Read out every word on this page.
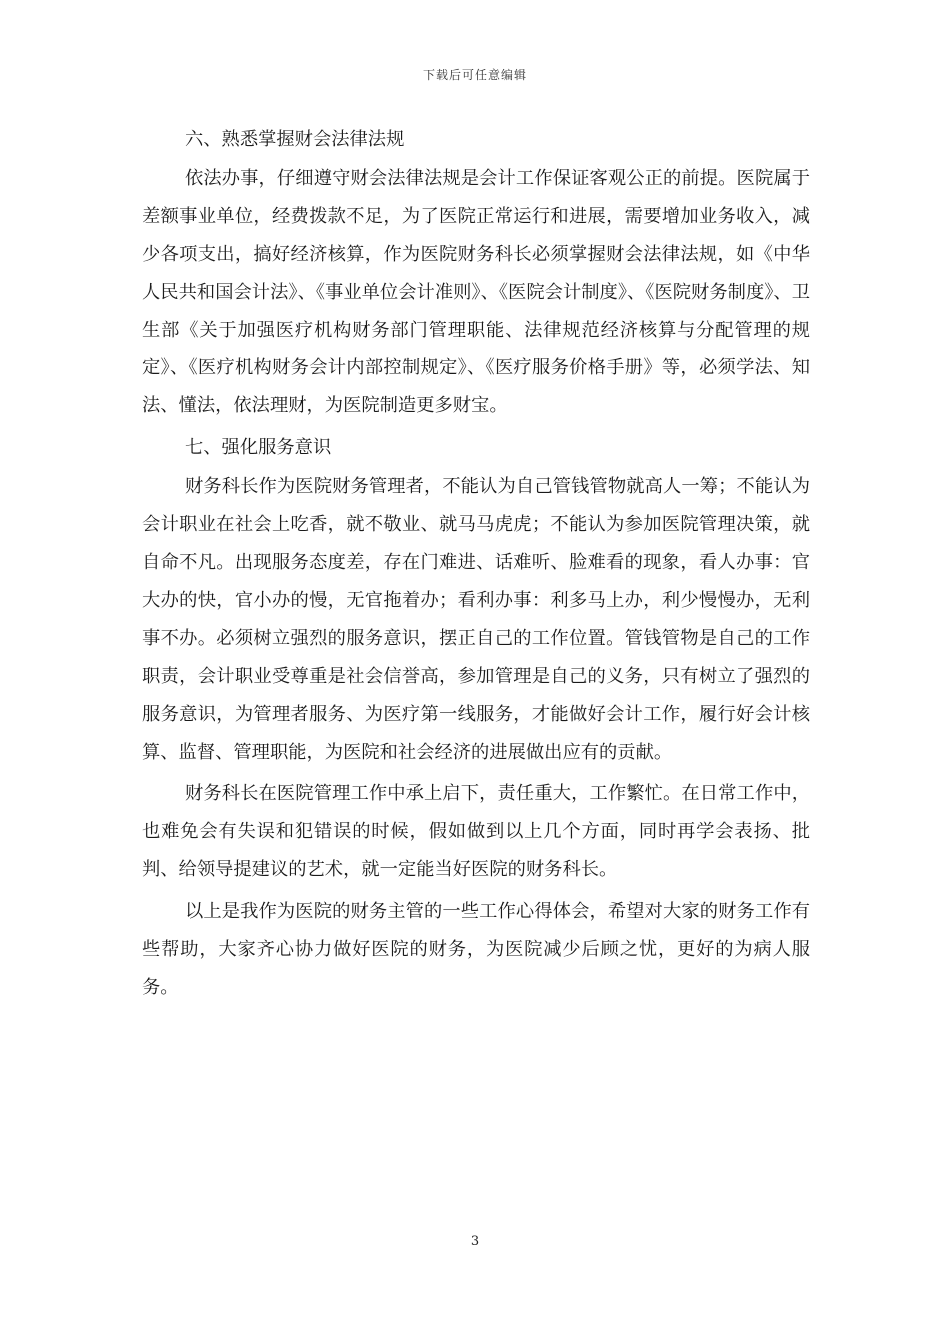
下载后可任意编辑

六、熟悉掌握财会法律法规

依法办事，仔细遵守财会法律法规是会计工作保证客观公正的前提。医院属于差额事业单位，经费拨款不足，为了医院正常运行和进展，需要增加业务收入，减少各项支出，搞好经济核算，作为医院财务科长必须掌握财会法律法规，如《中华人民共和国会计法》、《事业单位会计准则》、《医院会计制度》、《医院财务制度》、卫生部《关于加强医疗机构财务部门管理职能、法律规范经济核算与分配管理的规定》、《医疗机构财务会计内部控制规定》、《医疗服务价格手册》等，必须学法、知法、懂法，依法理财，为医院制造更多财宝。

七、强化服务意识

财务科长作为医院财务管理者，不能认为自己管钱管物就高人一筹；不能认为会计职业在社会上吃香，就不敬业、就马马虎虎；不能认为参加医院管理决策，就自命不凡。出现服务态度差，存在门难进、话难听、脸难看的现象，看人办事：官大办的快，官小办的慢，无官拖着办；看利办事：利多马上办，利少慢慢办，无利事不办。必须树立强烈的服务意识，摆正自己的工作位置。管钱管物是自己的工作职责，会计职业受尊重是社会信誉高，参加管理是自己的义务，只有树立了强烈的服务意识，为管理者服务、为医疗第一线服务，才能做好会计工作，履行好会计核算、监督、管理职能，为医院和社会经济的进展做出应有的贡献。

财务科长在医院管理工作中承上启下，责任重大，工作繁忙。在日常工作中，也难免会有失误和犯错误的时候，假如做到以上几个方面，同时再学会表扬、批判、给领导提建议的艺术，就一定能当好医院的财务科长。

以上是我作为医院的财务主管的一些工作心得体会，希望对大家的财务工作有些帮助，大家齐心协力做好医院的财务，为医院减少后顾之忧，更好的为病人服务。

3
